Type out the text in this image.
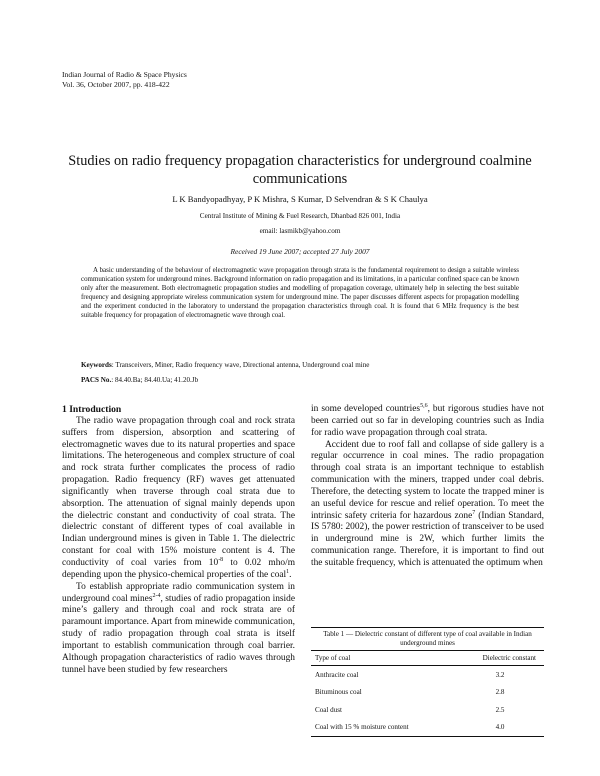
Indian Journal of Radio & Space Physics
Vol. 36, October 2007, pp. 418-422
Studies on radio frequency propagation characteristics for underground coalmine communications
L K Bandyopadhyay, P K Mishra, S Kumar, D Selvendran & S K Chaulya
Central Institute of Mining & Fuel Research, Dhanbad 826 001, India
email: lasmikb@yahoo.com
Received 19 June 2007; accepted 27 July 2007

A basic understanding of the behaviour of electromagnetic wave propagation through strata is the fundamental requirement to design a suitable wireless communication system for underground mines. Background information on radio propagation and its limitations, in a particular confined space can be known only after the measurement. Both electromagnetic propagation studies and modelling of propagation coverage, ultimately help in selecting the best suitable frequency and designing appropriate wireless communication system for underground mine. The paper discusses different aspects for propagation modelling and the experiment conducted in the laboratory to understand the propagation characteristics through coal. It is found that 6 MHz frequency is the best suitable frequency for propagation of electromagnetic wave through coal.

Keywords: Transceivers, Miner, Radio frequency wave, Directional antenna, Underground coal mine
PACS No.: 84.40.Ba; 84.40.Ua; 41.20.Jb

1 Introduction

The radio wave propagation through coal and rock strata suffers from dispersion, absorption and scattering of electromagnetic waves due to its natural properties and space limitations. The heterogeneous and complex structure of coal and rock strata further complicates the process of radio propagation. Radio frequency (RF) waves get attenuated significantly when traverse through coal strata due to absorption. The attenuation of signal mainly depends upon the dielectric constant and conductivity of coal strata. The dielectric constant of different types of coal available in Indian underground mines is given in Table 1. The dielectric constant for coal with 15% moisture content is 4. The conductivity of coal varies from $10^{-8}$ to 0.02 mho/m depending upon the physico-chemical properties of the coal$^1$.

To establish appropriate radio communication system in underground coal mines$^{2-4}$, studies of radio propagation inside mine’s gallery and through coal and rock strata are of paramount importance. Apart from minewide communication, study of radio propagation through coal strata is itself important to establish communication through coal barrier. Although propagation characteristics of radio waves through tunnel have been studied by few researchers

in some developed countries$^{5,6}$, but rigorous studies have not been carried out so far in developing countries such as India for radio wave propagation through coal strata.

Accident due to roof fall and collapse of side gallery is a regular occurrence in coal mines. The radio propagation through coal strata is an important technique to establish communication with the miners, trapped under coal debris. Therefore, the detecting system to locate the trapped miner is an useful device for rescue and relief operation. To meet the intrinsic safety criteria for hazardous zone$^7$ (Indian Standard, IS 5780: 2002), the power restriction of transceiver to be used in underground mine is 2W, which further limits the communication range. Therefore, it is important to find out the suitable frequency, which is attenuated the optimum when

Table 1 — Dielectric constant of different type of coal available in Indian underground mines
Type of coal	Dielectric constant
Anthracite coal	3.2
Bituminous coal	2.8
Coal dust	2.5
Coal with 15 % moisture content	4.0
